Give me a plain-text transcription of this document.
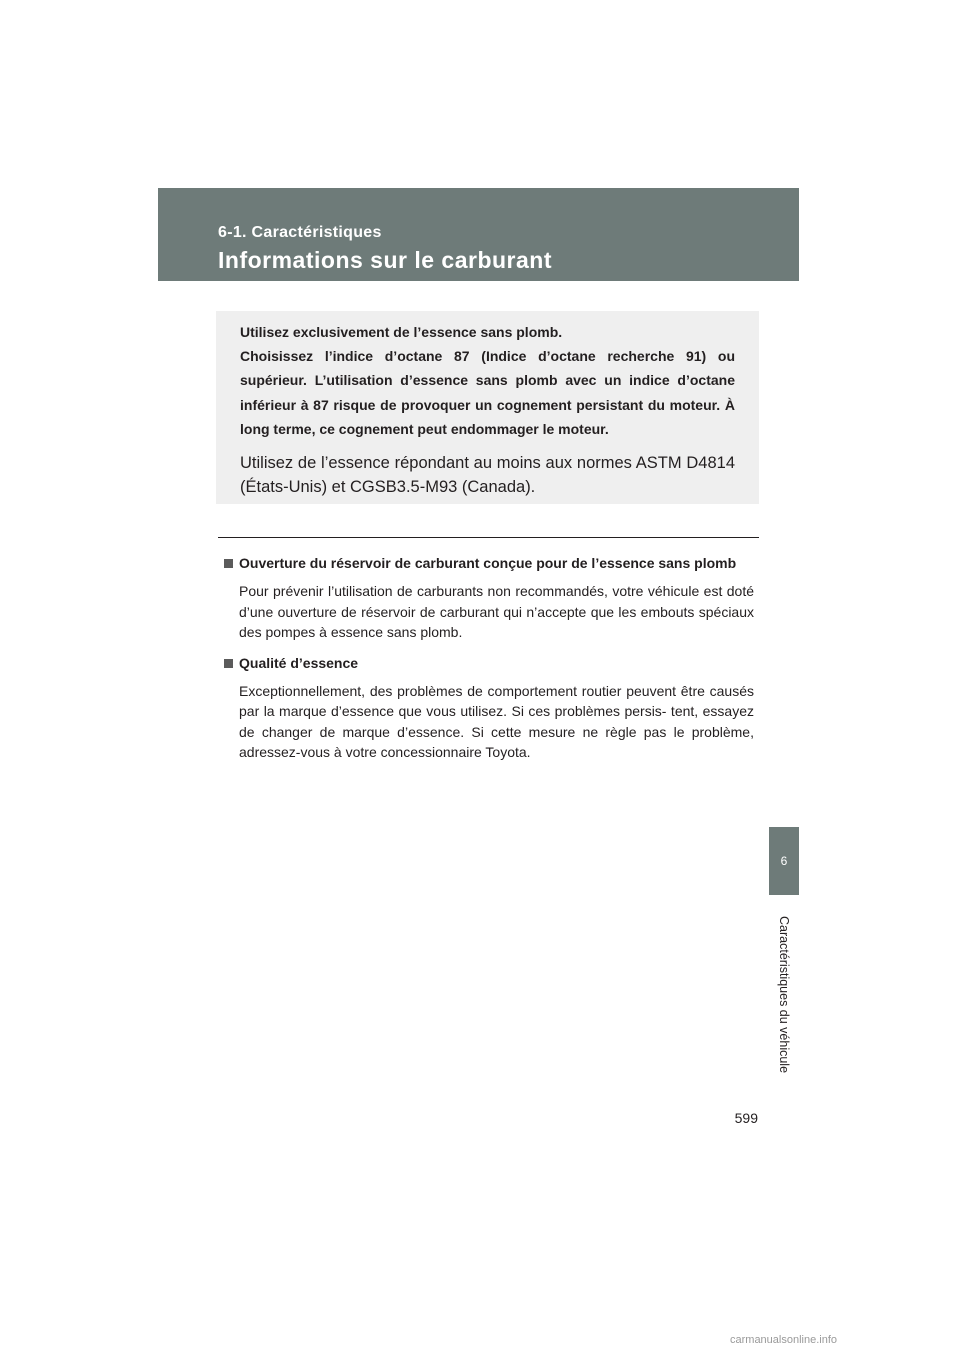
6-1. Caractéristiques
Informations sur le carburant
6
Caractéristiques du véhicule

Utilisez exclusivement de l’essence sans plomb.

Choisissez l’indice d’octane 87 (Indice d’octane recherche 91) ou supérieur. L’utilisation d’essence sans plomb avec un indice d’octane inférieur à 87 risque de provoquer un cognement persistant du moteur. À long terme, ce cognement peut endommager le moteur.

Utilisez de l’essence répondant au moins aux normes ASTM D4814 (États-Unis) et CGSB3.5-M93 (Canada).

Ouverture du réservoir de carburant conçue pour de l’essence sans plomb

Pour prévenir l’utilisation de carburants non recommandés, votre véhicule est doté d’une ouverture de réservoir de carburant qui n’accepte que les embouts spéciaux des pompes à essence sans plomb.

Qualité d’essence

Exceptionnellement, des problèmes de comportement routier peuvent être causés par la marque d’essence que vous utilisez. Si ces problèmes persis- tent, essayez de changer de marque d’essence. Si cette mesure ne règle pas le problème, adressez-vous à votre concessionnaire Toyota.

599
carmanualsonline.info
